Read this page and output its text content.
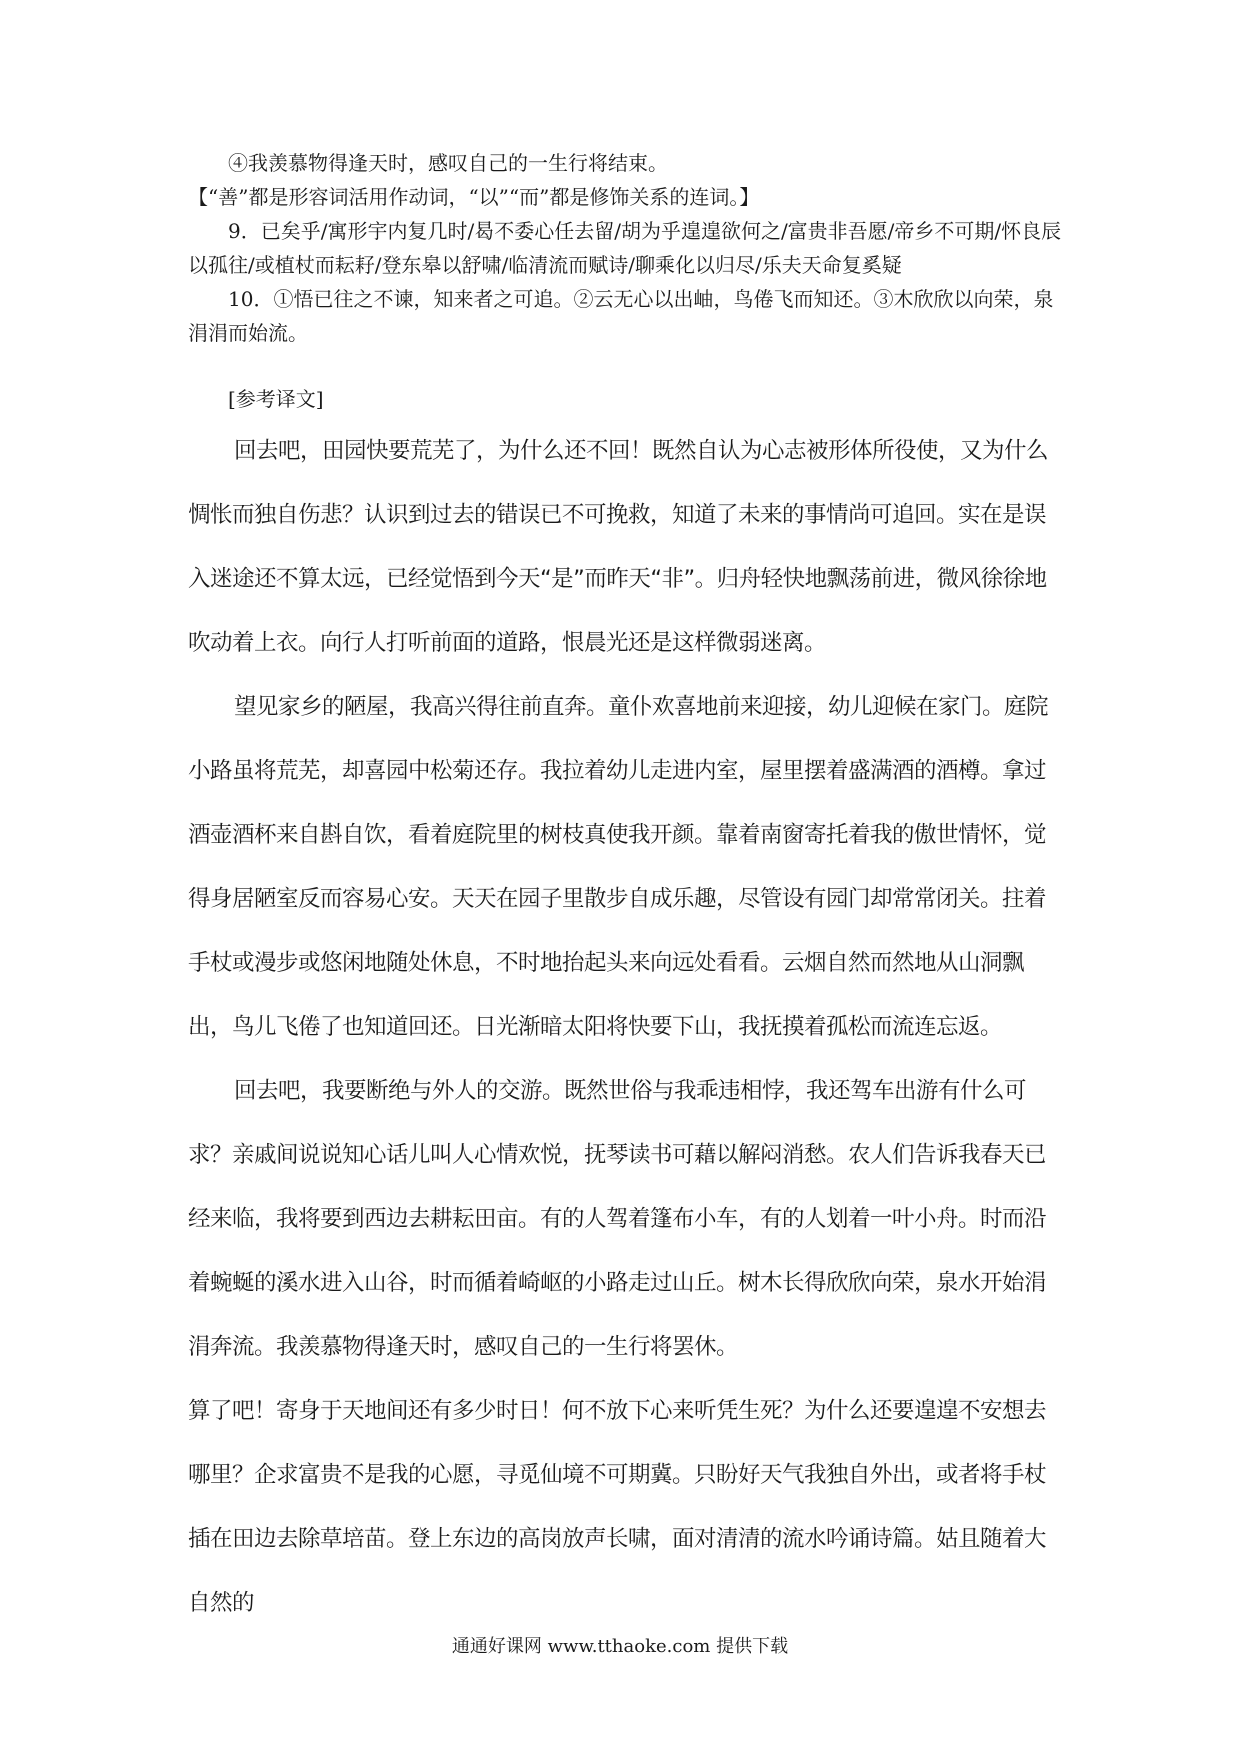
④我羡慕物得逢天时，感叹自己的一生行将结束。

【“善”都是形容词活用作动词，“以”“而”都是修饰关系的连词。】

9．已矣乎/寓形宇内复几时/曷不委心任去留/胡为乎遑遑欲何之/富贵非吾愿/帝乡不可期/怀良辰以孤往/或植杖而耘耔/登东皋以舒啸/临清流而赋诗/聊乘化以归尽/乐夫天命复奚疑

10．①悟已往之不谏，知来者之可追。②云无心以出岫，鸟倦飞而知还。③木欣欣以向荣，泉涓涓而始流。

[参考译文]

回去吧，田园快要荒芜了，为什么还不回！既然自认为心志被形体所役使，又为什么惆怅而独自伤悲？认识到过去的错误已不可挽救，知道了未来的事情尚可追回。实在是误入迷途还不算太远，已经觉悟到今天“是”而昨天“非”。归舟轻快地飘荡前进，微风徐徐地吹动着上衣。向行人打听前面的道路，恨晨光还是这样微弱迷离。

望见家乡的陋屋，我高兴得往前直奔。童仆欢喜地前来迎接，幼儿迎候在家门。庭院小路虽将荒芜，却喜园中松菊还存。我拉着幼儿走进内室，屋里摆着盛满酒的酒樽。拿过酒壶酒杯来自斟自饮，看着庭院里的树枝真使我开颜。靠着南窗寄托着我的傲世情怀，觉得身居陋室反而容易心安。天天在园子里散步自成乐趣，尽管设有园门却常常闭关。拄着手杖或漫步或悠闲地随处休息，不时地抬起头来向远处看看。云烟自然而然地从山洞飘出，鸟儿飞倦了也知道回还。日光渐暗太阳将快要下山，我抚摸着孤松而流连忘返。

回去吧，我要断绝与外人的交游。既然世俗与我乖违相悖，我还驾车出游有什么可求？亲戚间说说知心话儿叫人心情欢悦，抚琴读书可藉以解闷消愁。农人们告诉我春天已经来临，我将要到西边去耕耘田亩。有的人驾着篷布小车，有的人划着一叶小舟。时而沿着蜿蜒的溪水进入山谷，时而循着崎岖的小路走过山丘。树木长得欣欣向荣，泉水开始涓涓奔流。我羡慕物得逢天时，感叹自己的一生行将罢休。

算了吧！寄身于天地间还有多少时日！何不放下心来听凭生死？为什么还要遑遑不安想去哪里？企求富贵不是我的心愿，寻觅仙境不可期冀。只盼好天气我独自外出，或者将手杖插在田边去除草培苗。登上东边的高岗放声长啸，面对清清的流水吟诵诗篇。姑且随着大自然的

通通好课网 www.tthaoke.com 提供下载
